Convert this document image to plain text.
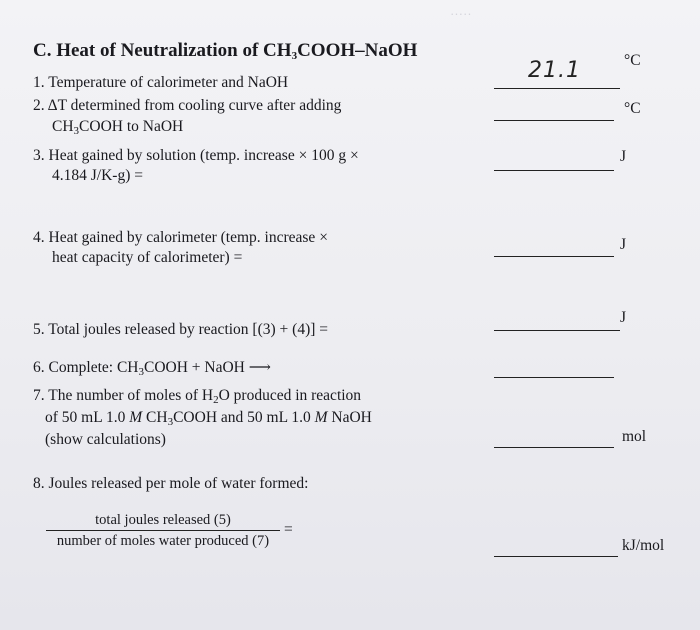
·····
C. Heat of Neutralization of $CH_3COOH$–NaOH
1. Temperature of calorimeter and NaOH	21.1	°C
2. ΔT determined from cooling curve after adding
$CH_3COOH$ to NaOH
°C
3. Heat gained by solution (temp. increase × 100 g ×
4.184 J/K-g) =
J
4. Heat gained by calorimeter (temp. increase ×
heat capacity of calorimeter) =
J
5. Total joules released by reaction [(3) + (4)] =
J
6. Complete: $CH_3COOH$ + NaOH ⟶
7. The number of moles of $H_2O$ produced in reaction
of 50 mL 1.0 M $CH_3COOH$ and 50 mL 1.0 M NaOH
(show calculations)	mol
8. Joules released per mole of water formed:
total joules released (5)
number of moles water produced (7)
=
kJ/mol
